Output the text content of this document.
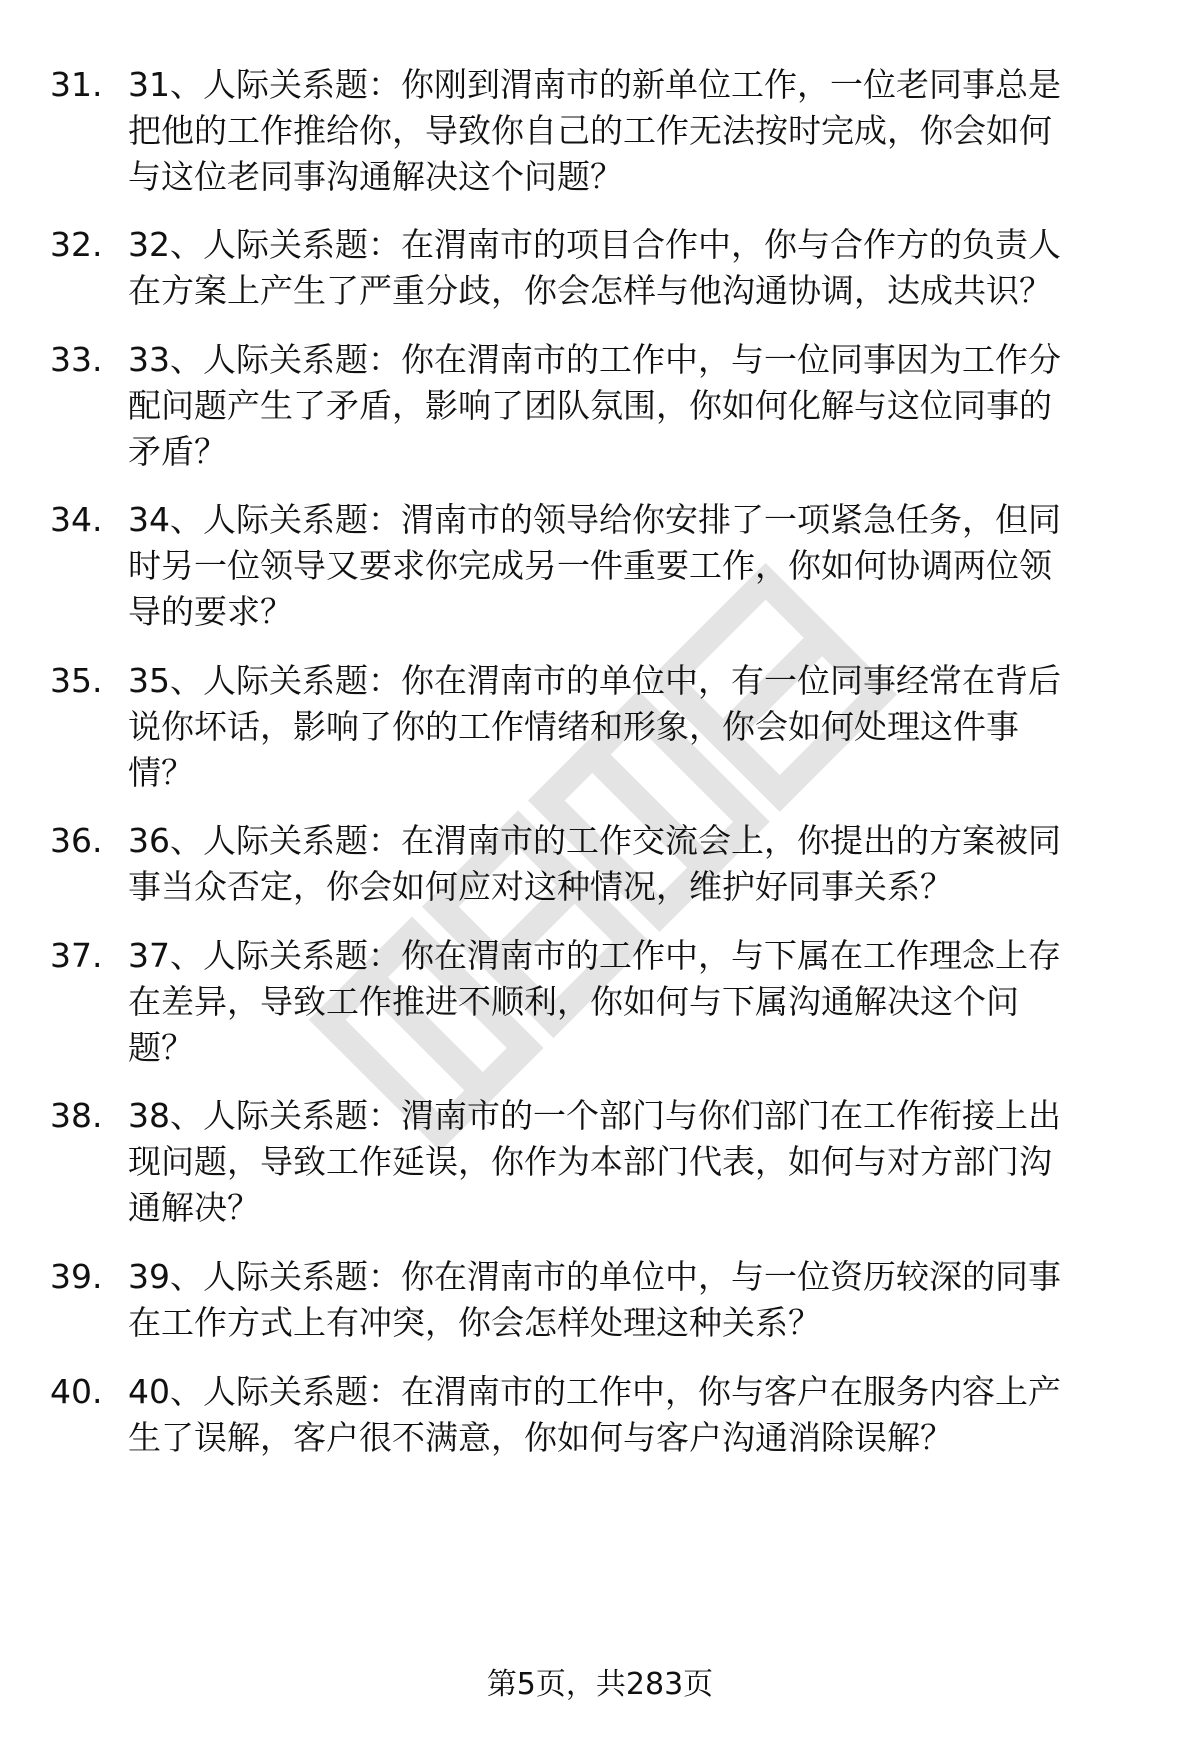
31. 31、人际关系题：你刚到渭南市的新单位工作，一位老同事总是
把他的工作推给你，导致你自己的工作无法按时完成，你会如何
与这位老同事沟通解决这个问题？
32. 32、人际关系题：在渭南市的项目合作中，你与合作方的负责人
在方案上产生了严重分歧，你会怎样与他沟通协调，达成共识？
33. 33、人际关系题：你在渭南市的工作中，与一位同事因为工作分
配问题产生了矛盾，影响了团队氛围，你如何化解与这位同事的
矛盾？
34. 34、人际关系题：渭南市的领导给你安排了一项紧急任务，但同
时另一位领导又要求你完成另一件重要工作，你如何协调两位领
导的要求？
35. 35、人际关系题：你在渭南市的单位中，有一位同事经常在背后
说你坏话，影响了你的工作情绪和形象，你会如何处理这件事
情？
36. 36、人际关系题：在渭南市的工作交流会上，你提出的方案被同
事当众否定，你会如何应对这种情况，维护好同事关系？
37. 37、人际关系题：你在渭南市的工作中，与下属在工作理念上存
在差异，导致工作推进不顺利，你如何与下属沟通解决这个问
题？
38. 38、人际关系题：渭南市的一个部门与你们部门在工作衔接上出
现问题，导致工作延误，你作为本部门代表，如何与对方部门沟
通解决？
39. 39、人际关系题：你在渭南市的单位中，与一位资历较深的同事
在工作方式上有冲突，你会怎样处理这种关系？
40. 40、人际关系题：在渭南市的工作中，你与客户在服务内容上产
生了误解，客户很不满意，你如何与客户沟通消除误解？
第5页，共283页
